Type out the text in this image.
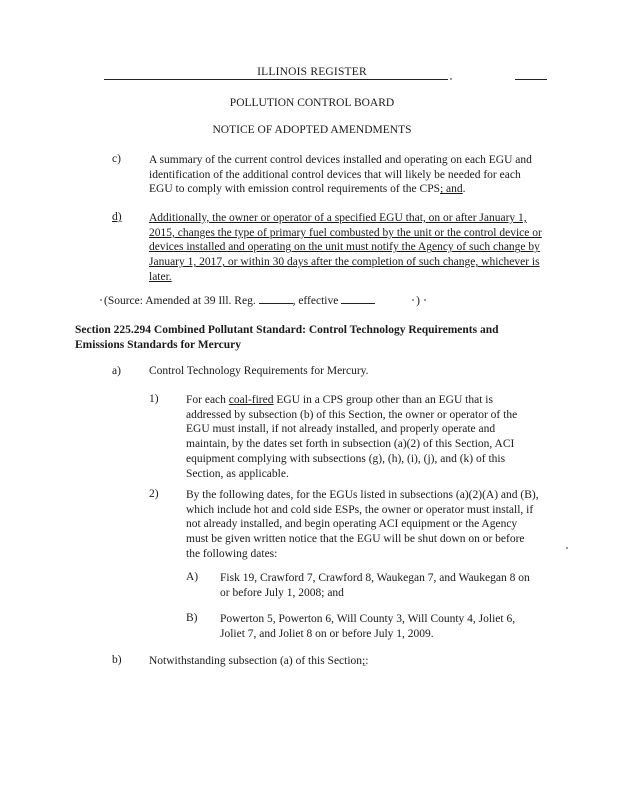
ILLINOIS REGISTER
POLLUTION CONTROL BOARD
NOTICE OF ADOPTED AMENDMENTS
c) A summary of the current control devices installed and operating on each EGU and identification of the additional control devices that will likely be needed for each EGU to comply with emission control requirements of the CPS; and.

d) Additionally, the owner or operator of a specified EGU that, on or after January 1, 2015, changes the type of primary fuel combusted by the unit or the control device or devices installed and operating on the unit must notify the Agency of such change by January 1, 2017, or within 30 days after the completion of such change, whichever is later.

(Source: Amended at 39 Ill. Reg.	, effective	)

Section 225.294 Combined Pollutant Standard: Control Technology Requirements and Emissions Standards for Mercury

a) Control Technology Requirements for Mercury.
1) For each coal-fired EGU in a CPS group other than an EGU that is addressed by subsection (b) of this Section, the owner or operator of the EGU must install, if not already installed, and properly operate and maintain, by the dates set forth in subsection (a)(2) of this Section, ACI equipment complying with subsections (g), (h), (i), (j), and (k) of this Section, as applicable.

2) By the following dates, for the EGUs listed in subsections (a)(2)(A) and (B), which include hot and cold side ESPs, the owner or operator must install, if not already installed, and begin operating ACI equipment or the Agency must be given written notice that the EGU will be shut down on or before the following dates:

A) Fisk 19, Crawford 7, Crawford 8, Waukegan 7, and Waukegan 8 on or before July 1, 2008; and

B) Powerton 5, Powerton 6, Will County 3, Will County 4, Joliet 6, Joliet 7, and Joliet 8 on or before July 1, 2009.

b) Notwithstanding subsection (a) of this Section;:
